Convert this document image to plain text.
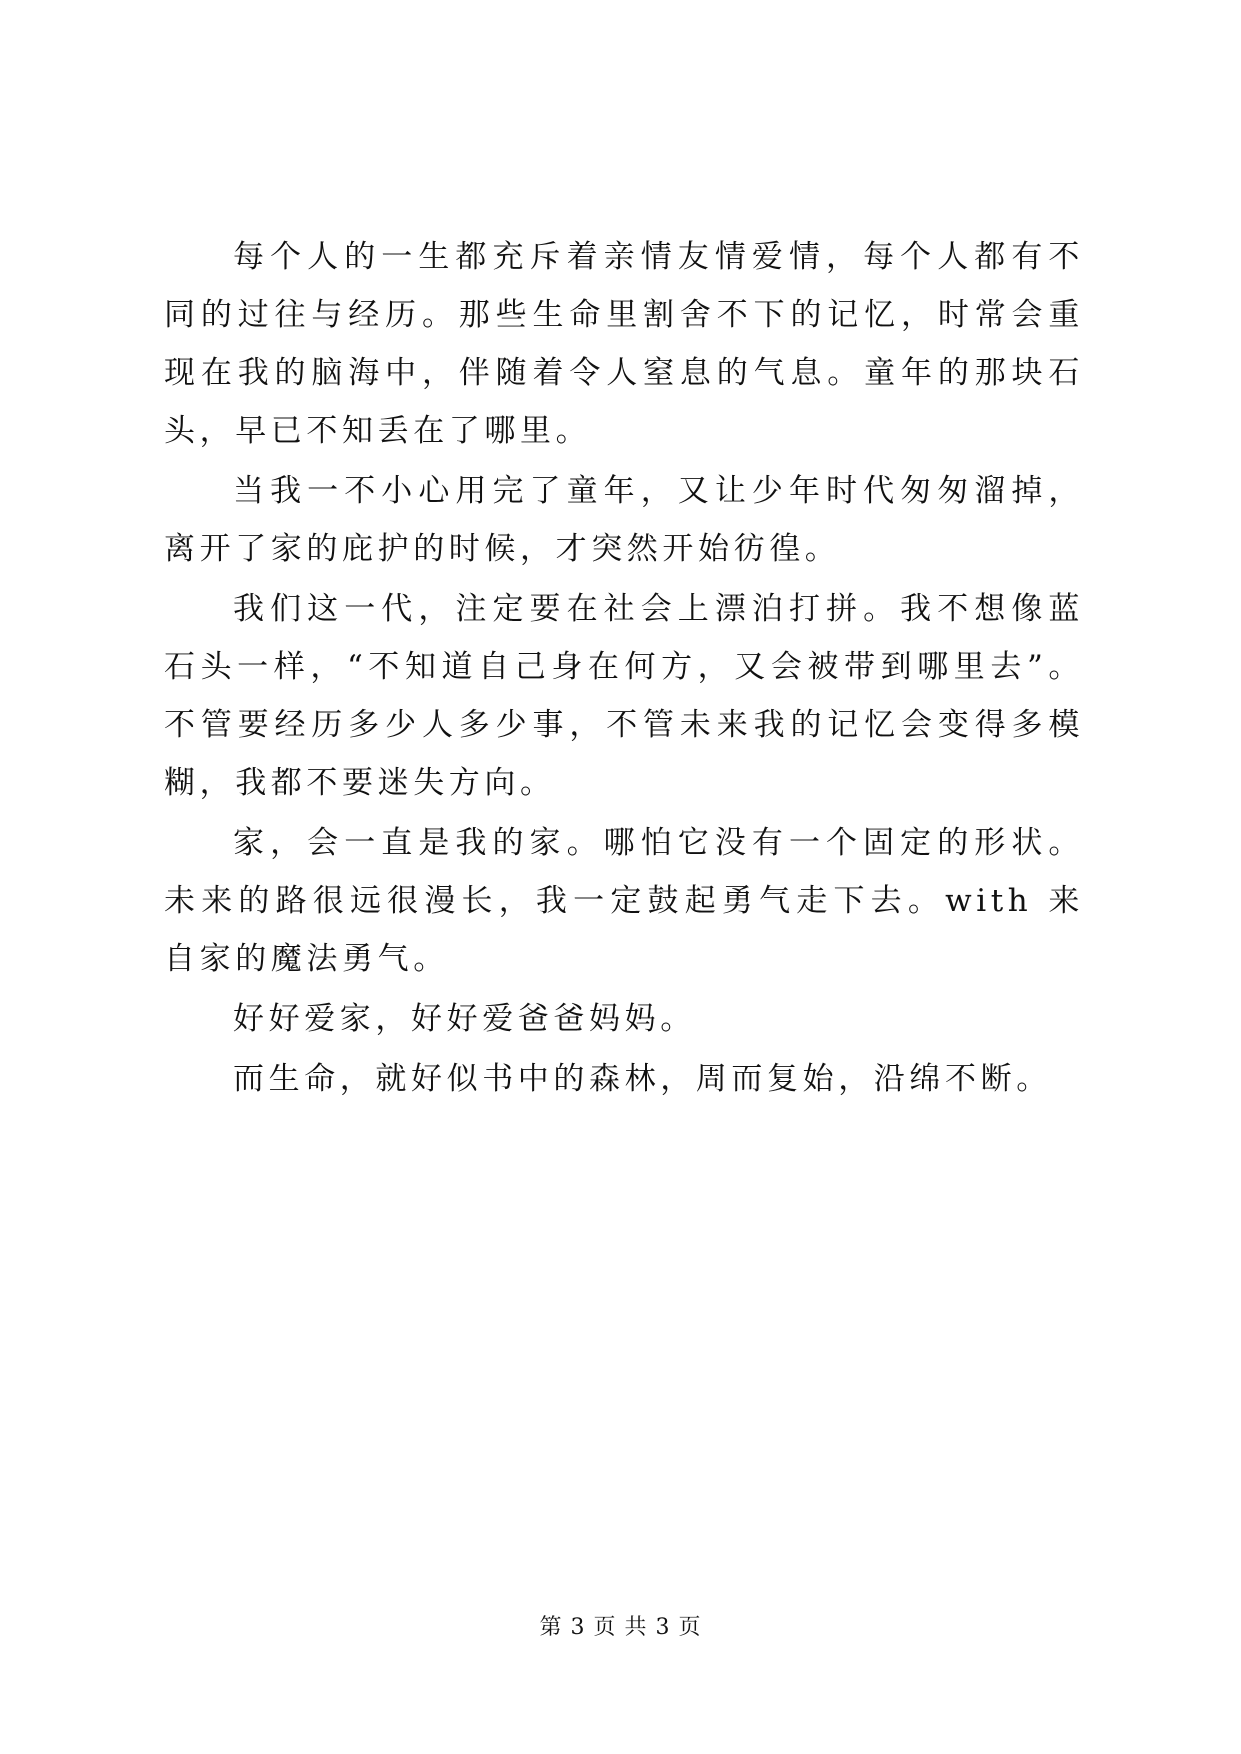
每个人的一生都充斥着亲情友情爱情，每个人都有不同的过往与经历。那些生命里割舍不下的记忆，时常会重现在我的脑海中，伴随着令人窒息的气息。童年的那块石头，早已不知丢在了哪里。

当我一不小心用完了童年，又让少年时代匆匆溜掉，离开了家的庇护的时候，才突然开始彷徨。

我们这一代，注定要在社会上漂泊打拼。我不想像蓝石头一样，“不知道自己身在何方，又会被带到哪里去”。不管要经历多少人多少事，不管未来我的记忆会变得多模糊，我都不要迷失方向。

家，会一直是我的家。哪怕它没有一个固定的形状。未来的路很远很漫长，我一定鼓起勇气走下去。with 来自家的魔法勇气。

好好爱家，好好爱爸爸妈妈。

而生命，就好似书中的森林，周而复始，沿绵不断。

第 3 页 共 3 页
